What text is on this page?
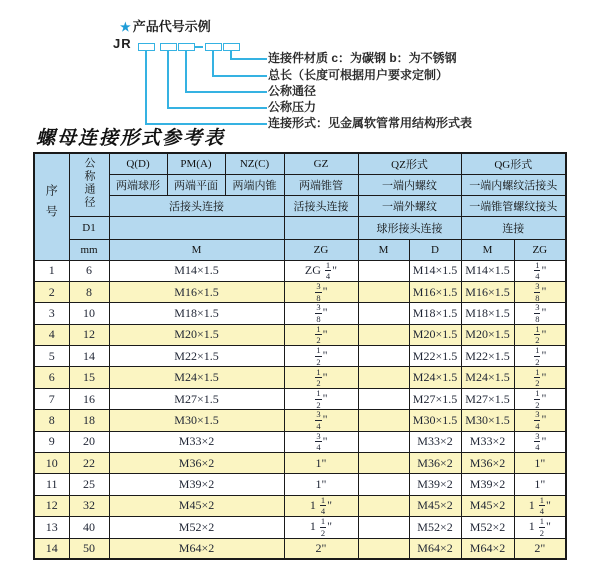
★ 产品代号示例
JR
连接件材质 c：为碳钢 b：为不锈钢
总长（长度可根据用户要求定制）
公称通径
公称压力
连接形式：见金属软管常用结构形式表
螺母连接形式参考表
序号	公称通径	Q(D)	PM(A)	NZ(C)	GZ	QZ形式		QG形式	
		两端球形	两端平面	两端内锥	两端锥管	一端内螺纹		一端内螺纹活接头	
		活接头连接			活接头连接	一端外螺纹		一端锥管螺纹接头	
	D1					球形接头连接		连接	
	mm	M			ZG	M	D	M	ZG
1	6	M14×1.5			ZG $\frac{1}{4}$ "		M14×1.5	M14×1.5	$\frac{1}{4}$ "
2	8	M16×1.5			$\frac{3}{8}$ "		M16×1.5	M16×1.5	$\frac{3}{8}$ "
3	10	M18×1.5			$\frac{3}{8}$ "		M18×1.5	M18×1.5	$\frac{3}{8}$ "
4	12	M20×1.5			$\frac{1}{2}$ "		M20×1.5	M20×1.5	$\frac{1}{2}$ "
5	14	M22×1.5			$\frac{1}{2}$ "		M22×1.5	M22×1.5	$\frac{1}{2}$ "
6	15	M24×1.5			$\frac{1}{2}$ "		M24×1.5	M24×1.5	$\frac{1}{2}$ "
7	16	M27×1.5			$\frac{1}{2}$ "		M27×1.5	M27×1.5	$\frac{1}{2}$ "
8	18	M30×1.5			$\frac{3}{4}$ "		M30×1.5	M30×1.5	$\frac{3}{4}$ "
9	20	M33×2			$\frac{3}{4}$ "		M33×2	M33×2	$\frac{3}{4}$ "
10	22	M36×2			1"		M36×2	M36×2	1"
11	25	M39×2			1"		M39×2	M39×2	1"
12	32	M45×2			$1 \frac{1}{4}$ "		M45×2	M45×2	$1 \frac{1}{4}$ "
13	40	M52×2			$1 \frac{1}{2}$ "		M52×2	M52×2	$1 \frac{1}{2}$ "
14	50	M64×2			2"		M64×2	M64×2	2"
